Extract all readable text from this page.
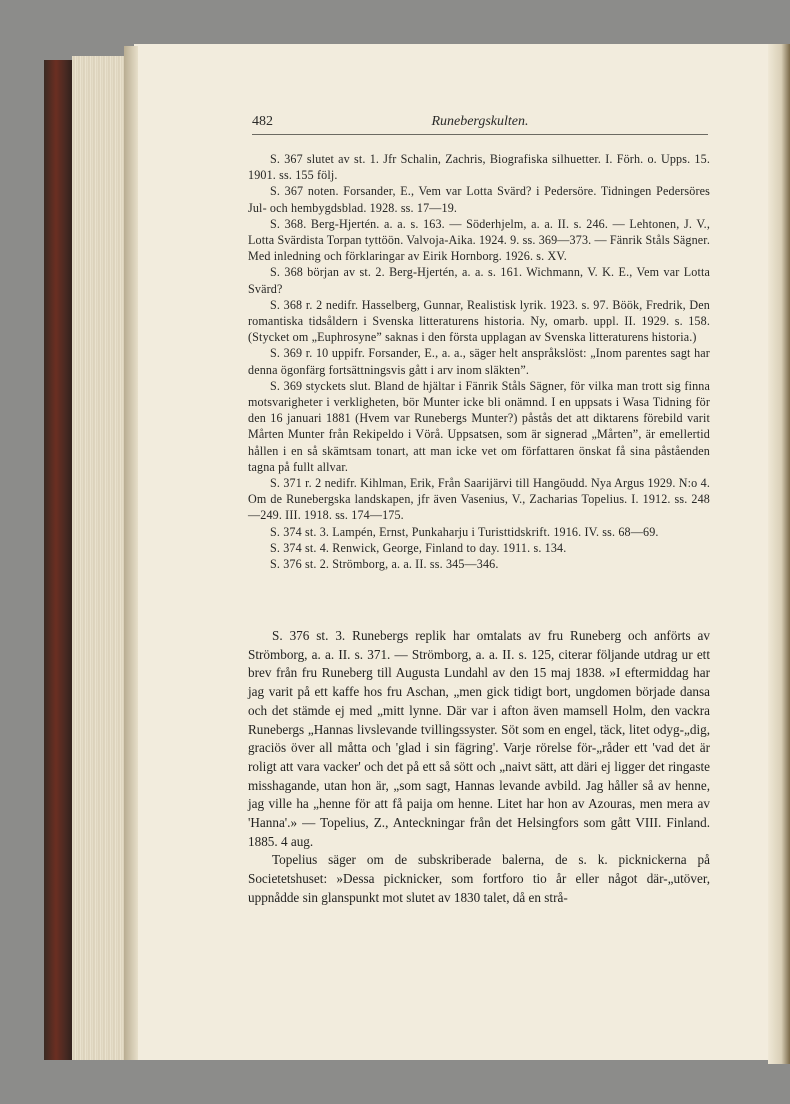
482	Runebergskulten.

S. 367 slutet av st. 1. Jfr Schalin, Zachris, Biografiska silhuetter. I. Förh. o. Upps. 15. 1901. ss. 155 följ.

S. 367 noten. Forsander, E., Vem var Lotta Svärd? i Pedersöre. Tidningen Pedersöres Jul- och hembygdsblad. 1928. ss. 17—19.

S. 368. Berg-Hjertén. a. a. s. 163. — Söderhjelm, a. a. II. s. 246. — Lehtonen, J. V., Lotta Svärdista Torpan tyttöön. Valvoja-Aika. 1924. 9. ss. 369—373. — Fänrik Ståls Sägner. Med inledning och förklaringar av Eirik Hornborg. 1926. s. XV.

S. 368 början av st. 2. Berg-Hjertén, a. a. s. 161. Wichmann, V. K. E., Vem var Lotta Svärd?

S. 368 r. 2 nedifr. Hasselberg, Gunnar, Realistisk lyrik. 1923. s. 97. Böök, Fredrik, Den romantiska tidsåldern i Svenska litteraturens historia. Ny, omarb. uppl. II. 1929. s. 158. (Stycket om „Euphrosyne” saknas i den första upplagan av Svenska litteraturens historia.)

S. 369 r. 10 uppifr. Forsander, E., a. a., säger helt anspråkslöst: „Inom parentes sagt har denna ögonfärg fortsättningsvis gått i arv inom släkten”.

S. 369 styckets slut. Bland de hjältar i Fänrik Ståls Sägner, för vilka man trott sig finna motsvarigheter i verkligheten, bör Munter icke bli onämnd. I en uppsats i Wasa Tidning för den 16 januari 1881 (Hvem var Runebergs Munter?) påstås det att diktarens förebild varit Mårten Munter från Rekipeldo i Vörå. Uppsatsen, som är signerad „Mårten”, är emellertid hållen i en så skämtsam tonart, att man icke vet om författaren önskat få sina påståenden tagna på fullt allvar.

S. 371 r. 2 nedifr. Kihlman, Erik, Från Saarijärvi till Hangöudd. Nya Argus 1929. N:o 4. Om de Runebergska landskapen, jfr även Vasenius, V., Zacharias Topelius. I. 1912. ss. 248—249. III. 1918. ss. 174—175.

S. 374 st. 3. Lampén, Ernst, Punkaharju i Turisttidskrift. 1916. IV. ss. 68—69.

S. 374 st. 4. Renwick, George, Finland to day. 1911. s. 134.

S. 376 st. 2. Strömborg, a. a. II. ss. 345—346.

S. 376 st. 3. Runebergs replik har omtalats av fru Runeberg och anförts av Strömborg, a. a. II. s. 371. — Strömborg, a. a. II. s. 125, citerar följande utdrag ur ett brev från fru Runeberg till Augusta Lundahl av den 15 maj 1838. »I eftermiddag har jag varit på ett kaffe hos fru Aschan, „men gick tidigt bort, ungdomen började dansa och det stämde ej med „mitt lynne. Där var i afton även mamsell Holm, den vackra Runebergs „Hannas livslevande tvillingssyster. Söt som en engel, täck, litet odyg-„dig, graciös över all måtta och 'glad i sin fägring'. Varje rörelse för-„råder ett 'vad det är roligt att vara vacker' och det på ett så sött och „naivt sätt, att däri ej ligger det ringaste misshagande, utan hon är, „som sagt, Hannas levande avbild. Jag håller så av henne, jag ville ha „henne för att få paija om henne. Litet har hon av Azouras, men mera av 'Hanna'.» — Topelius, Z., Anteckningar från det Helsingfors som gått VIII. Finland. 1885. 4 aug.

Topelius säger om de subskriberade balerna, de s. k. picknickerna på Societetshuset: »Dessa picknicker, som fortforo tio år eller något där-„utöver, uppnådde sin glanspunkt mot slutet av 1830 talet, då en strå-
